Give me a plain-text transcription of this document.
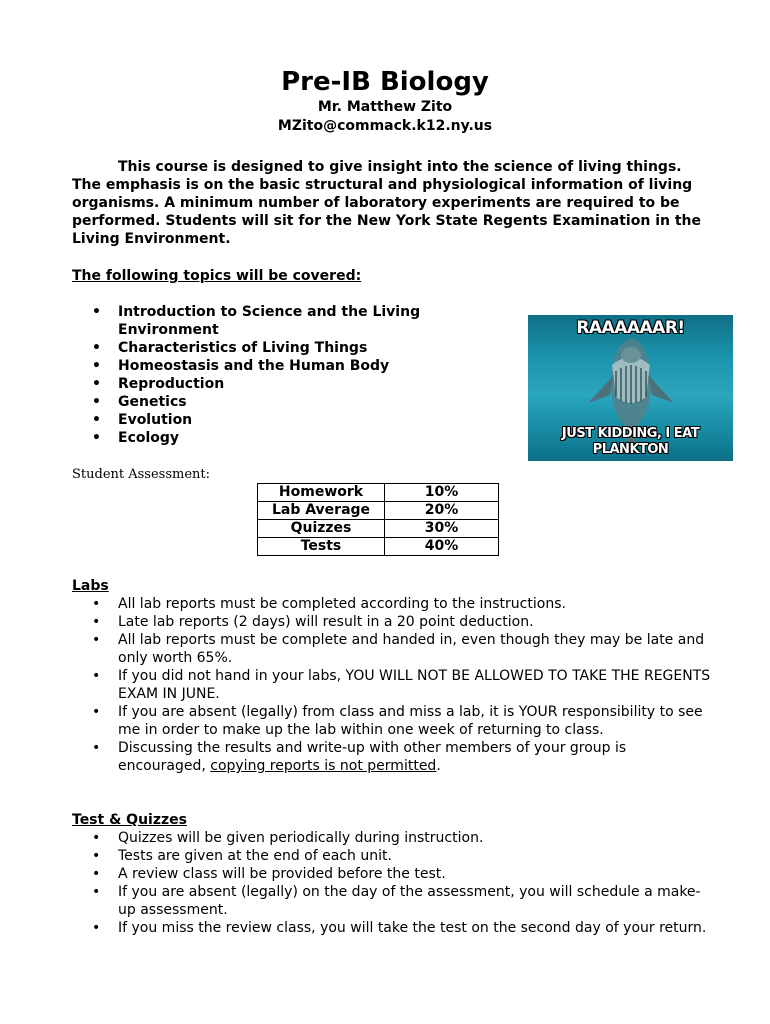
Pre-IB Biology
Mr. Matthew Zito
MZito@commack.k12.ny.us

This course is designed to give insight into the science of living things. The emphasis is on the basic structural and physiological information of living organisms. A minimum number of laboratory experiments are required to be performed. Students will sit for the New York State Regents Examination in the Living Environment.

The following topics will be covered:

• Introduction to Science and the Living Environment
• Characteristics of Living Things
• Homeostasis and the Human Body
• Reproduction
• Genetics
• Evolution
• Ecology
RAAAAAAR!
JUST KIDDING, I EAT PLANKTON
Student Assessment:
Homework	10%
Lab Average	20%
Quizzes	30%
Tests	40%

Labs

• All lab reports must be completed according to the instructions.
• Late lab reports (2 days) will result in a 20 point deduction.
• All lab reports must be complete and handed in, even though they may be late and only worth 65%.
• If you did not hand in your labs, YOU WILL NOT BE ALLOWED TO TAKE THE REGENTS EXAM IN JUNE.
• If you are absent (legally) from class and miss a lab, it is YOUR responsibility to see me in order to make up the lab within one week of returning to class.
• Discussing the results and write-up with other members of your group is encouraged, copying reports is not permitted.

Test & Quizzes

• Quizzes will be given periodically during instruction.
• Tests are given at the end of each unit.
• A review class will be provided before the test.
• If you are absent (legally) on the day of the assessment, you will schedule a make-up assessment.
• If you miss the review class, you will take the test on the second day of your return.
